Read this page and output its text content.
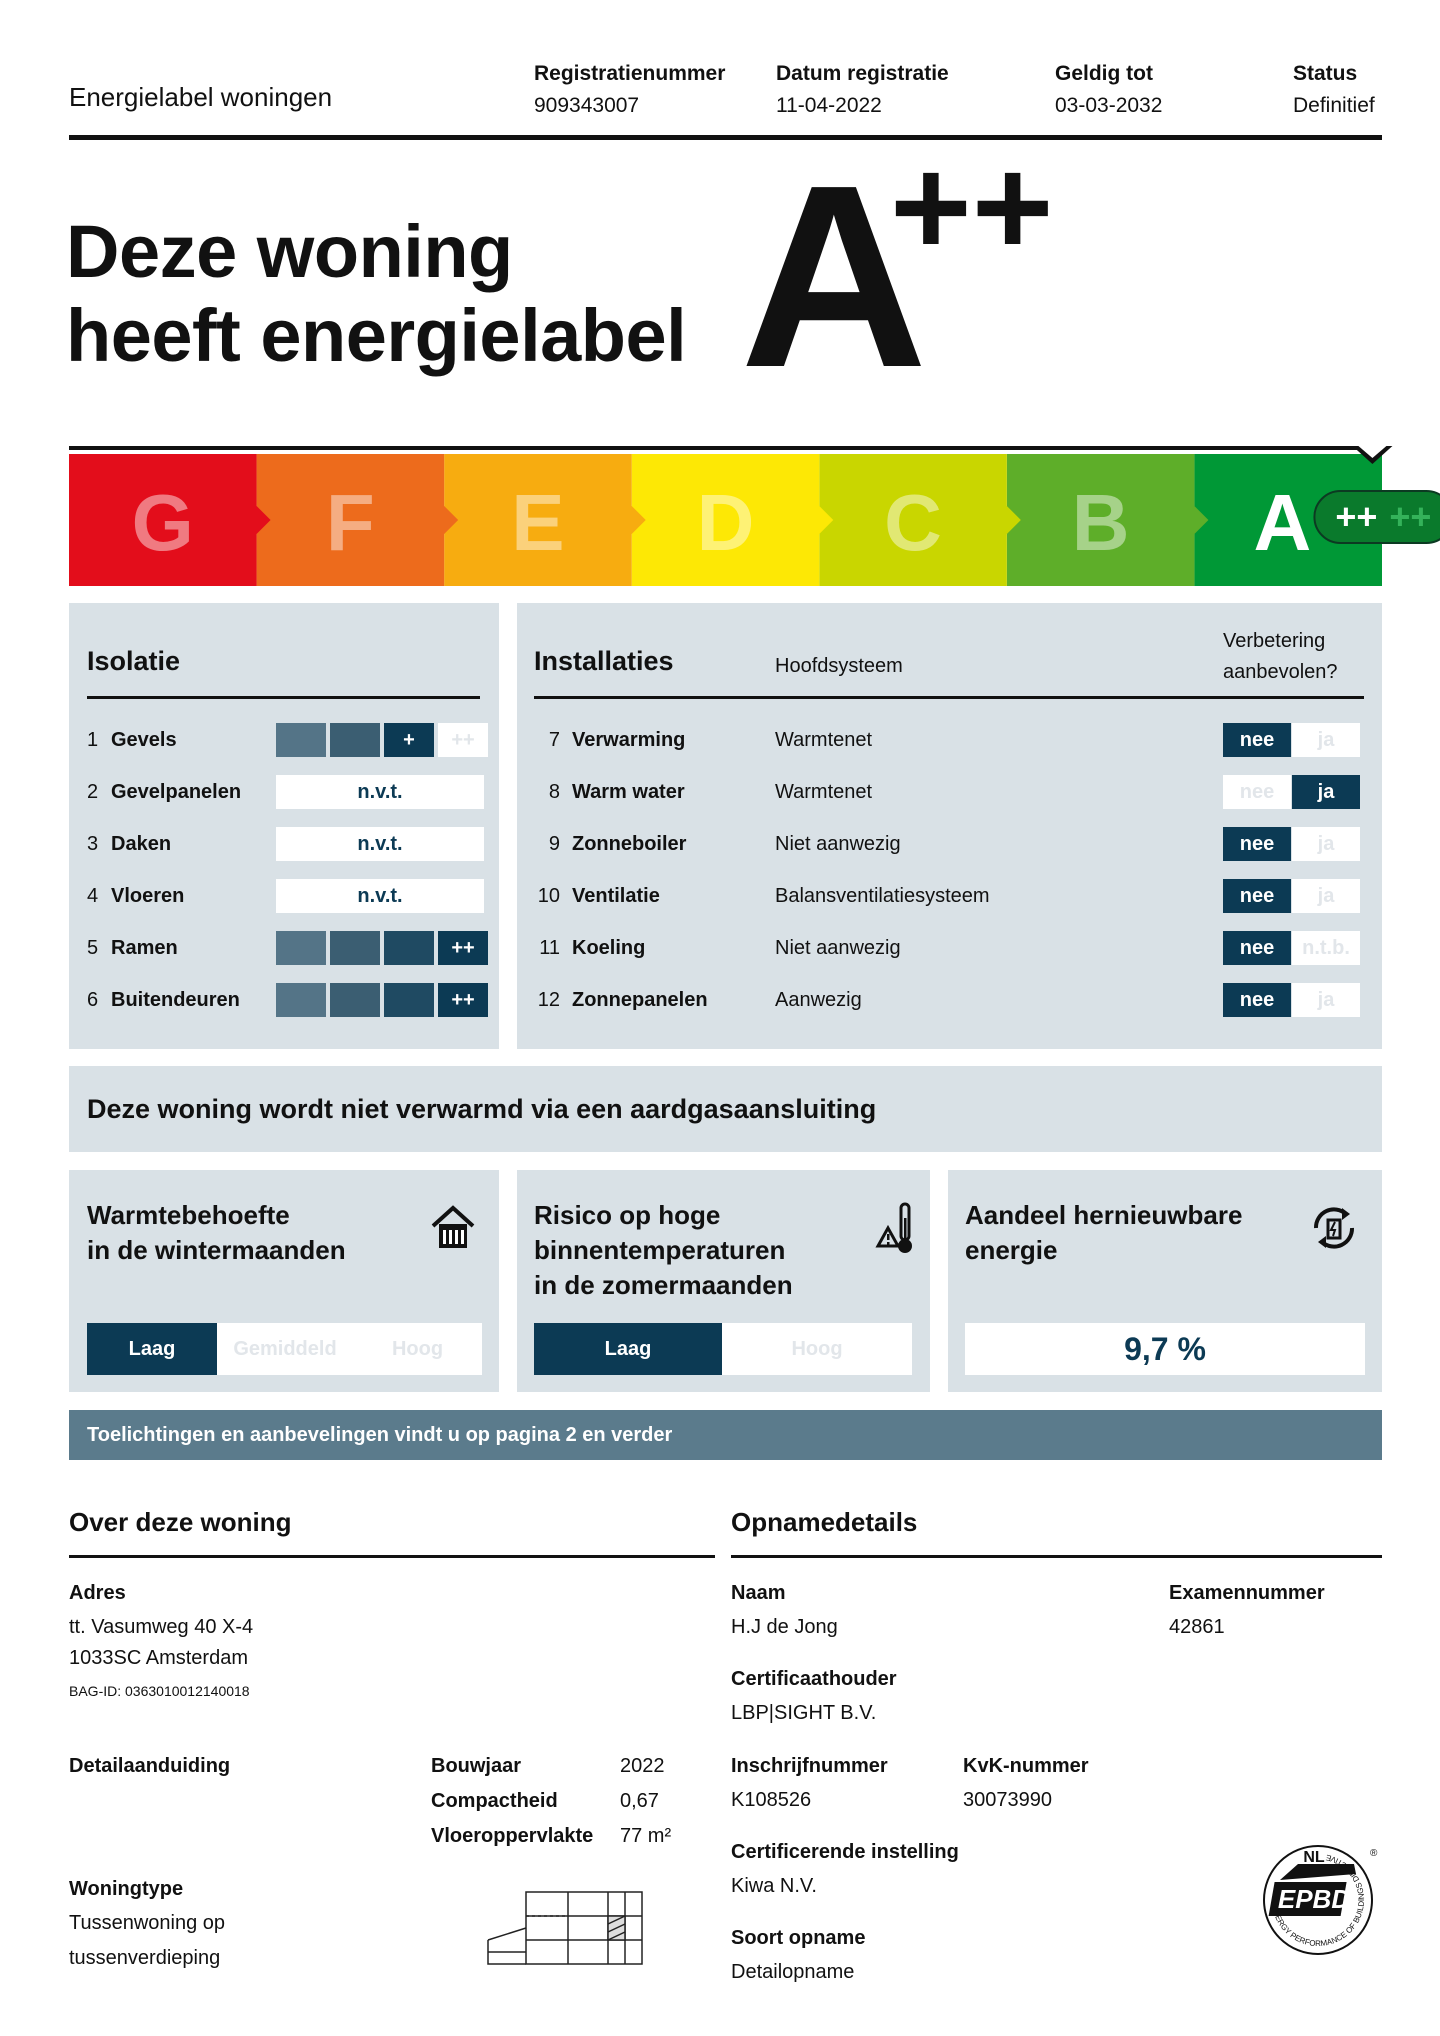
Energielabel woningen
Registratienummer
909343007
Datum registratie
11-04-2022
Geldig tot
03-03-2032
Status
Definitief
Deze woning
heeft energielabel A
++
G F E D C B A ++ ++
Isolatie
1 Gevels	+	++
2 Gevelpanelen	n.v.t.
3 Daken	n.v.t.
4 Vloeren	n.v.t.
5 Ramen	++
6 Buitendeuren	++
Installaties	Hoofdsysteem
Verbetering
aanbevolen?
7 Verwarming	Warmtenet	nee	ja
8 Warm water	Warmtenet	nee	ja
9 Zonneboiler	Niet aanwezig	nee	ja
10 Ventilatie	Balansventilatiesysteem	nee	ja
11 Koeling	Niet aanwezig	nee	n.t.b.
12 Zonnepanelen	Aanwezig	nee	ja
Deze woning wordt niet verwarmd via een aardgasaansluiting
Warmtebehoefte
in de wintermaanden
Laag	Gemiddeld	Hoog
Risico op hoge
binnentemperaturen
in de zomermaanden
Laag	Hoog
Aandeel hernieuwbare
energie
9,7 %
Toelichtingen en aanbevelingen vindt u op pagina 2 en verder
Over deze woning
Adres
tt. Vasumweg 40 X-4
1033SC Amsterdam
BAG-ID: 0363010012140018
Detailaanduiding	Bouwjaar	2022
Compactheid	0,67
Vloeroppervlakte 77 m²
Woningtype
Tussenwoning op
tussenverdieping
Opnamedetails
Naam
H.J de Jong
Examennummer
42861
Certificaathouder
LBP|SIGHT B.V.
Inschrijfnummer
K108526
KvK-nummer
30073990
Certificerende instelling
Kiwa N.V.
Soort opname
Detailopname
NL
EPBD
ENERGY PERFORMANCE OF BUILDINGS DIRECTIVE	®
